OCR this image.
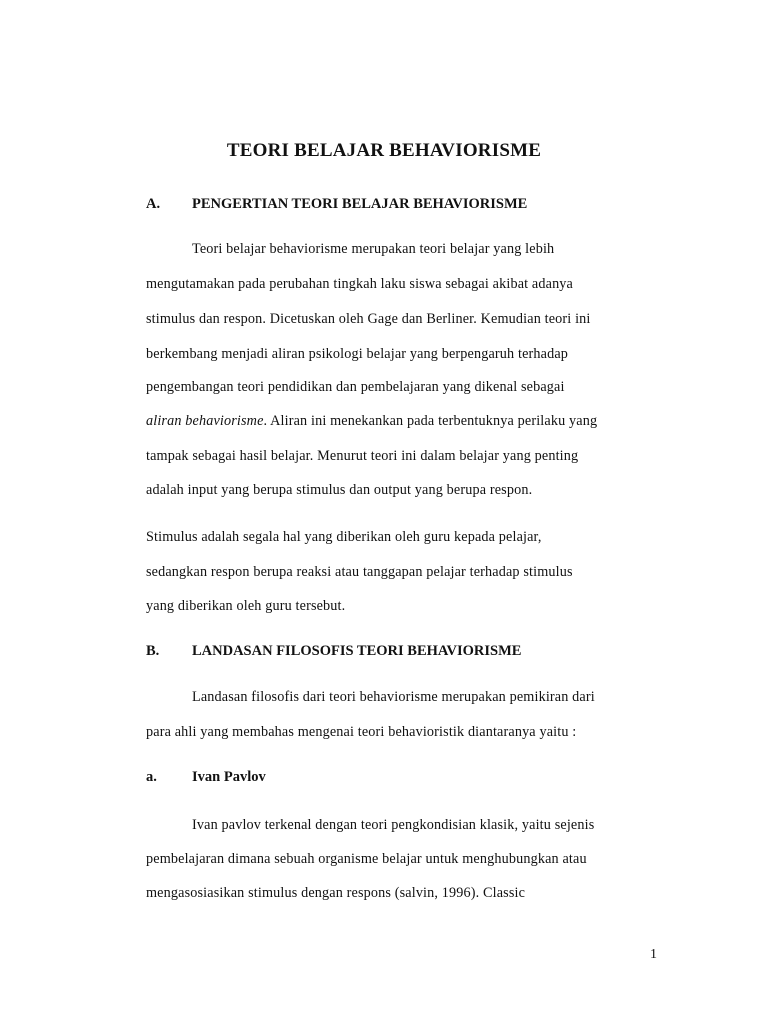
TEORI BELAJAR BEHAVIORISME
A. PENGERTIAN TEORI BELAJAR BEHAVIORISME
Teori belajar behaviorisme merupakan teori belajar yang lebih
mengutamakan pada perubahan tingkah laku siswa sebagai akibat adanya
stimulus dan respon. Dicetuskan oleh Gage dan Berliner. Kemudian teori ini
berkembang menjadi aliran psikologi belajar yang berpengaruh terhadap
pengembangan teori pendidikan dan pembelajaran yang dikenal sebagai
aliran behaviorisme. Aliran ini menekankan pada terbentuknya perilaku yang
tampak sebagai hasil belajar. Menurut teori ini dalam belajar yang penting
adalah input yang berupa stimulus dan output yang berupa respon.
Stimulus adalah segala hal yang diberikan oleh guru kepada pelajar,
sedangkan respon berupa reaksi atau tanggapan pelajar terhadap stimulus
yang diberikan oleh guru tersebut.
B. LANDASAN FILOSOFIS TEORI BEHAVIORISME
Landasan filosofis dari teori behaviorisme merupakan pemikiran dari
para ahli yang membahas mengenai teori behavioristik diantaranya yaitu :
a. Ivan Pavlov
Ivan pavlov terkenal dengan teori pengkondisian klasik, yaitu sejenis
pembelajaran dimana sebuah organisme belajar untuk menghubungkan atau
mengasosiasikan stimulus dengan respons (salvin, 1996). Classic
1
